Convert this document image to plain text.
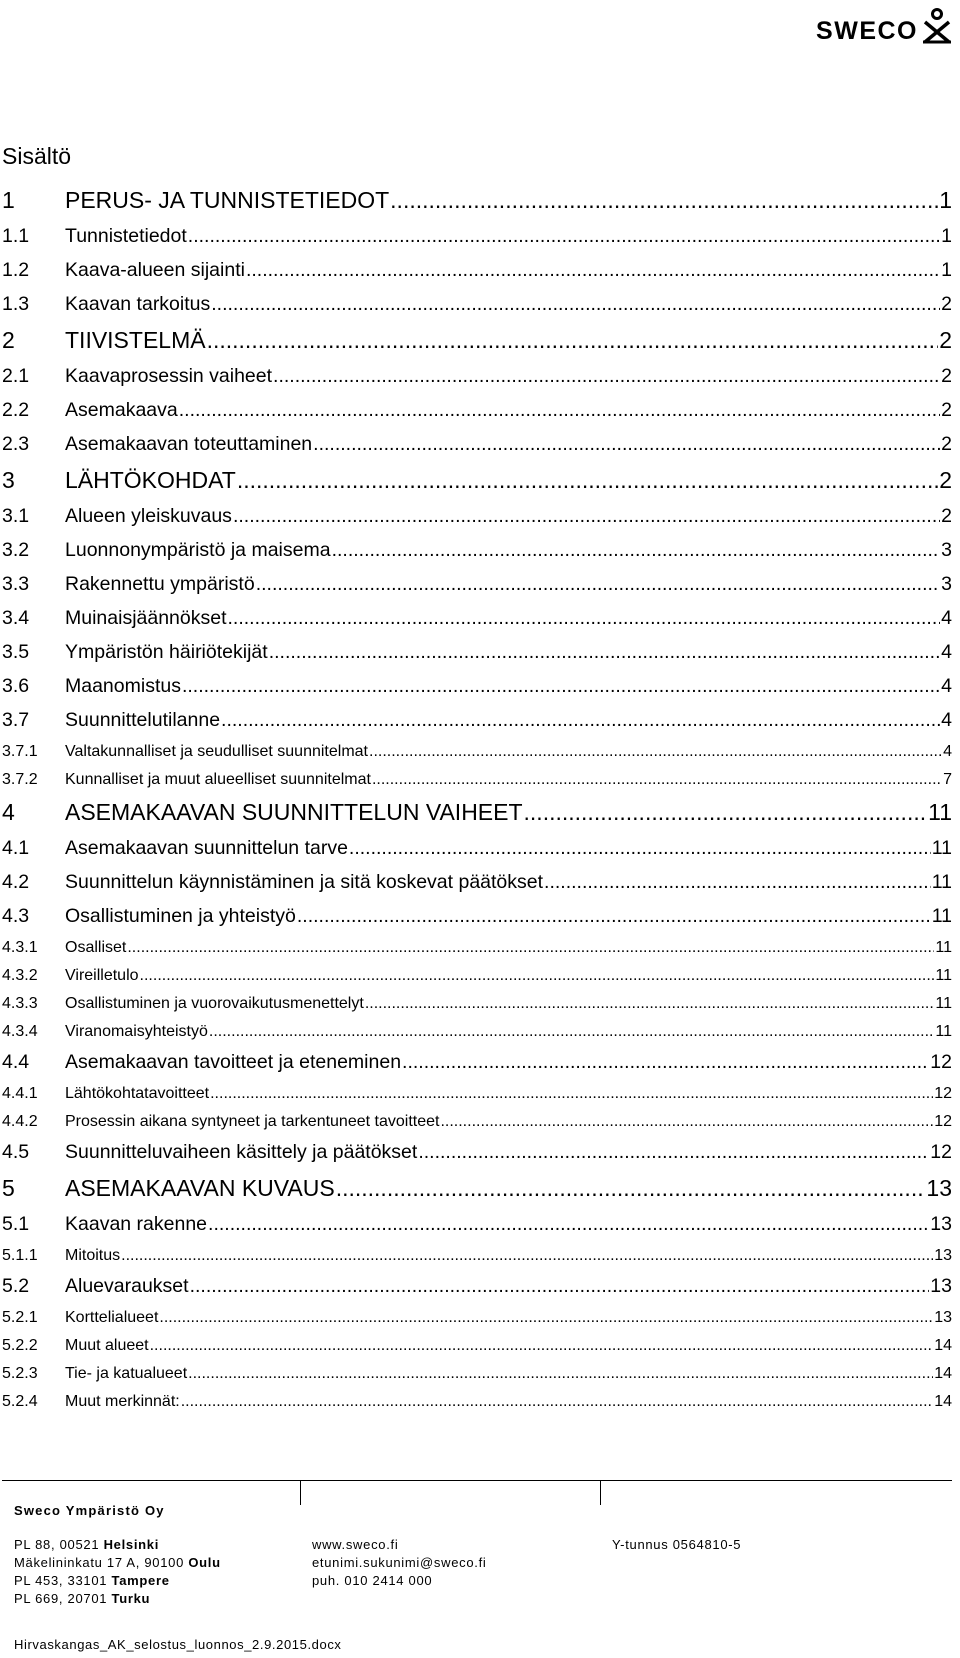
SWECO
Sisältö
1	PERUS- JA TUNNISTETIEDOT .....	1
1.1	Tunnistetiedot .....	1
1.2	Kaava-alueen sijainti .....	1
1.3	Kaavan tarkoitus .....	2
2	TIIVISTELMÄ .....	2
2.1	Kaavaprosessin vaiheet .....	2
2.2	Asemakaava .....	2
2.3	Asemakaavan toteuttaminen .....	2
3	LÄHTÖKOHDAT .....	2
3.1	Alueen yleiskuvaus .....	2
3.2	Luonnonympäristö ja maisema .....	3
3.3	Rakennettu ympäristö .....	3
3.4	Muinaisjäännökset .....	4
3.5	Ympäristön häiriötekijät .....	4
3.6	Maanomistus .....	4
3.7	Suunnittelutilanne .....	4
3.7.1	Valtakunnalliset ja seudulliset suunnitelmat .....	4
3.7.2	Kunnalliset ja muut alueelliset suunnitelmat .....	7
4	ASEMAKAAVAN SUUNNITTELUN VAIHEET .....	11
4.1	Asemakaavan suunnittelun tarve .....	11
4.2	Suunnittelun käynnistäminen ja sitä koskevat päätökset .....	11
4.3	Osallistuminen ja yhteistyö .....	11
4.3.1	Osalliset .....	11
4.3.2	Vireilletulo .....	11
4.3.3	Osallistuminen ja vuorovaikutusmenettelyt .....	11
4.3.4	Viranomaisyhteistyö .....	11
4.4	Asemakaavan tavoitteet ja eteneminen .....	12
4.4.1	Lähtökohtatavoitteet .....	12
4.4.2	Prosessin aikana syntyneet ja tarkentuneet tavoitteet .....	12
4.5	Suunnitteluvaiheen käsittely ja päätökset .....	12
5	ASEMAKAAVAN KUVAUS .....	13
5.1	Kaavan rakenne .....	13
5.1.1	Mitoitus .....	13
5.2	Aluevaraukset .....	13
5.2.1	Korttelialueet .....	13
5.2.2	Muut alueet .....	14
5.2.3	Tie- ja katualueet .....	14
5.2.4	Muut merkinnät: .....	14
Sweco Ympäristö Oy
PL 88, 00521 Helsinki
Mäkelininkatu 17 A, 90100 Oulu
PL 453, 33101 Tampere
PL 669, 20701 Turku
www.sweco.fi
etunimi.sukunimi@sweco.fi
puh. 010 2414 000
Y-tunnus 0564810-5
Hirvaskangas_AK_selostus_luonnos_2.9.2015.docx
